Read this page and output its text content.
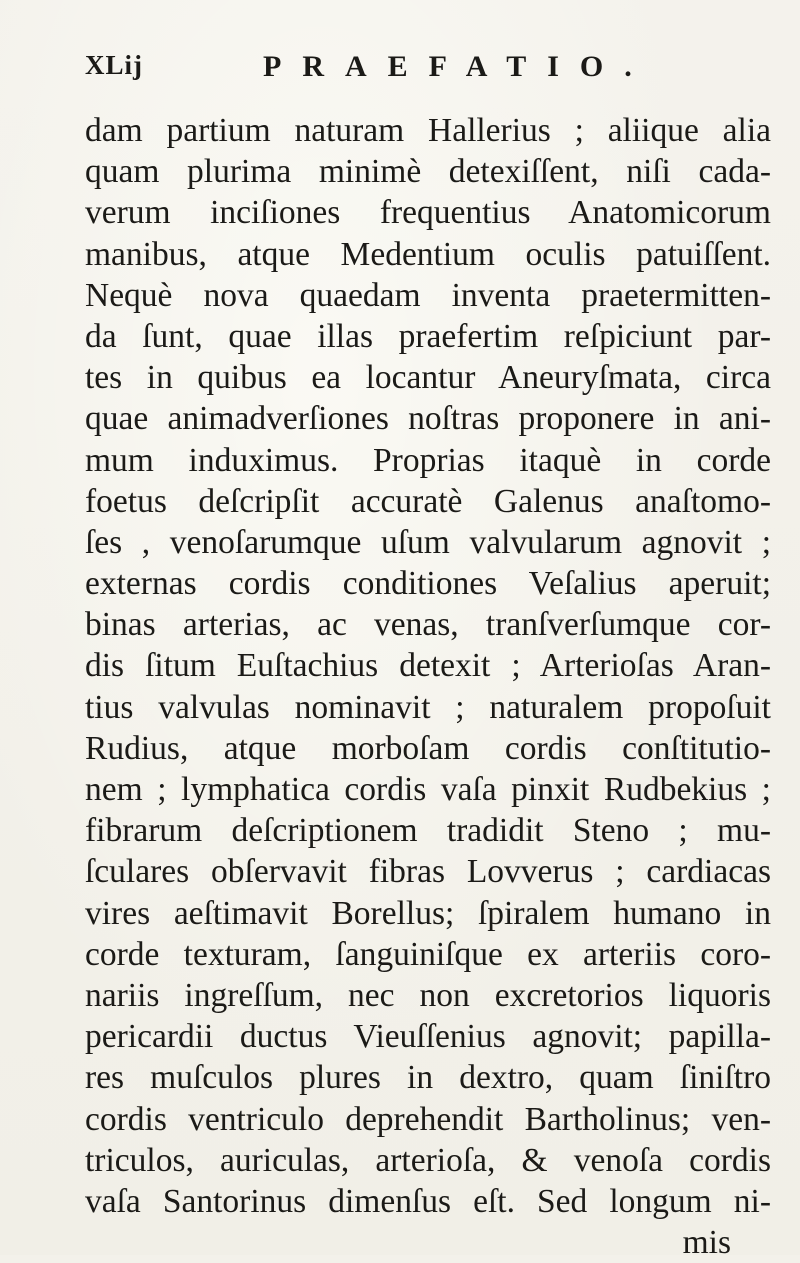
XLij	PRAEFATIO.
dam partium naturam Hallerius ; aliique alia
quam plurima minimè detexiſſent, niſi cada-
verum inciſiones frequentius Anatomicorum
manibus, atque Medentium oculis patuiſſent.
Nequè nova quaedam inventa praetermitten-
da ſunt, quae illas praefertim reſpiciunt par-
tes in quibus ea locantur Aneuryſmata, circa
quae animadverſiones noſtras proponere in ani-
mum induximus. Proprias itaquè in corde
foetus deſcripſit accuratè Galenus anaſtomo-
ſes , venoſarumque uſum valvularum agnovit ;
externas cordis conditiones Veſalius aperuit;
binas arterias, ac venas, tranſverſumque cor-
dis ſitum Euſtachius detexit ; Arterioſas Aran-
tius valvulas nominavit ; naturalem propoſuit
Rudius, atque morboſam cordis conſtitutio-
nem ; lymphatica cordis vaſa pinxit Rudbekius ;
fibrarum deſcriptionem tradidit Steno ; mu-
ſculares obſervavit fibras Lovverus ; cardiacas
vires aeſtimavit Borellus; ſpiralem humano in
corde texturam, ſanguiniſque ex arteriis coro-
nariis ingreſſum, nec non excretorios liquoris
pericardii ductus Vieuſſenius agnovit; papilla-
res muſculos plures in dextro, quam ſiniſtro
cordis ventriculo deprehendit Bartholinus; ven-
triculos, auriculas, arterioſa, & venoſa cordis
vaſa Santorinus dimenſus eſt. Sed longum ni-
mis
